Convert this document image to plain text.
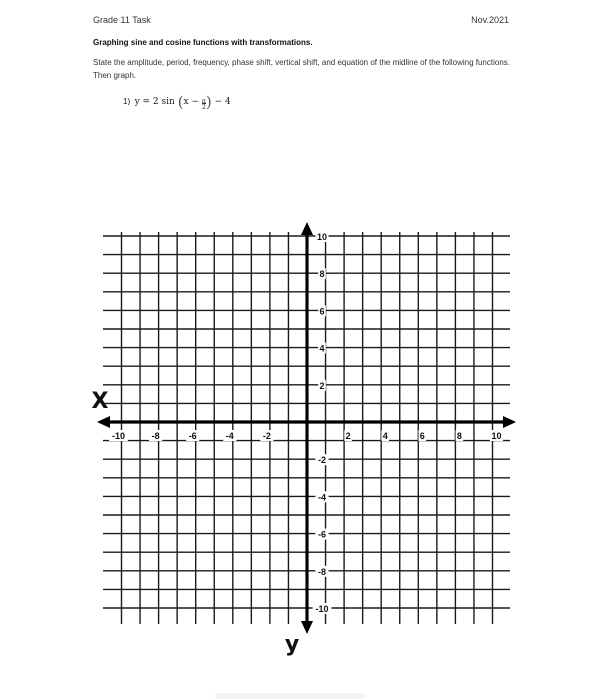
Grade 11 Task	Nov.2021
Graphing sine and cosine functions with transformations.
State the amplitude, period, frequency, phase shift, vertical shift, and equation of the midline of the following functions. Then graph.
1) y = 2 sin (x − π
2) − 4
-10	-8	-6	-4	-2	2	4	6	8	10
10
8
6
4
2
-2
-4
-6
-8
-10
X
y
